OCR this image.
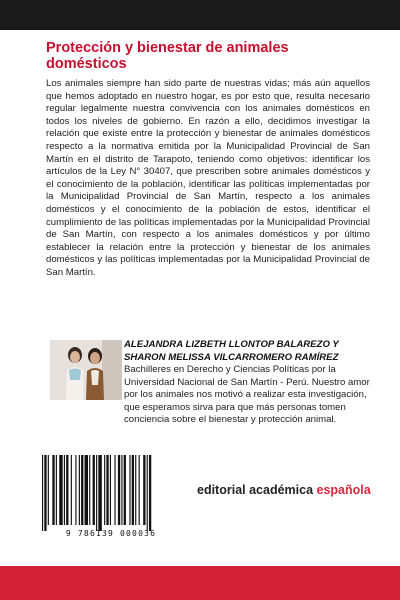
Protección y bienestar de animales domésticos

Los animales siempre han sido parte de nuestras vidas; más aún aquellos que hemos adoptado en nuestro hogar, es por esto que, resulta necesario regular legalmente nuestra convivencia con los animales domésticos en todos los niveles de gobierno. En razón a ello, decidimos investigar la relación que existe entre la protección y bienestar de animales domésticos respecto a la normativa emitida por la Municipalidad Provincial de San Martín en el distrito de Tarapoto, teniendo como objetivos: identificar los artículos de la Ley N° 30407, que prescriben sobre animales domésticos y el conocimiento de la población, identificar las políticas implementadas por la Municipalidad Provincial de San Martín, respecto a los animales domésticos y el conocimiento de la población de estos, identificar el cumplimiento de las políticas implementadas por la Municipalidad Provincial de San Martín, con respecto a los animales domésticos y por último establecer la relación entre la protección y bienestar de los animales domésticos y las políticas implementadas por la Municipalidad Provincial de San Martín.

ALEJANDRA LIZBETH LLONTOP BALAREZO Y SHARON MELISSA VILCARROMERO RAMÍREZ

Bachilleres en Derecho y Ciencias Políticas por la Universidad Nacional de San Martín - Perú. Nuestro amor por los animales nos motivó a realizar esta investigación, que esperamos sirva para que más personas tomen conciencia sobre el bienestar y protección animal.

9 786139 000036

editorial académica española
